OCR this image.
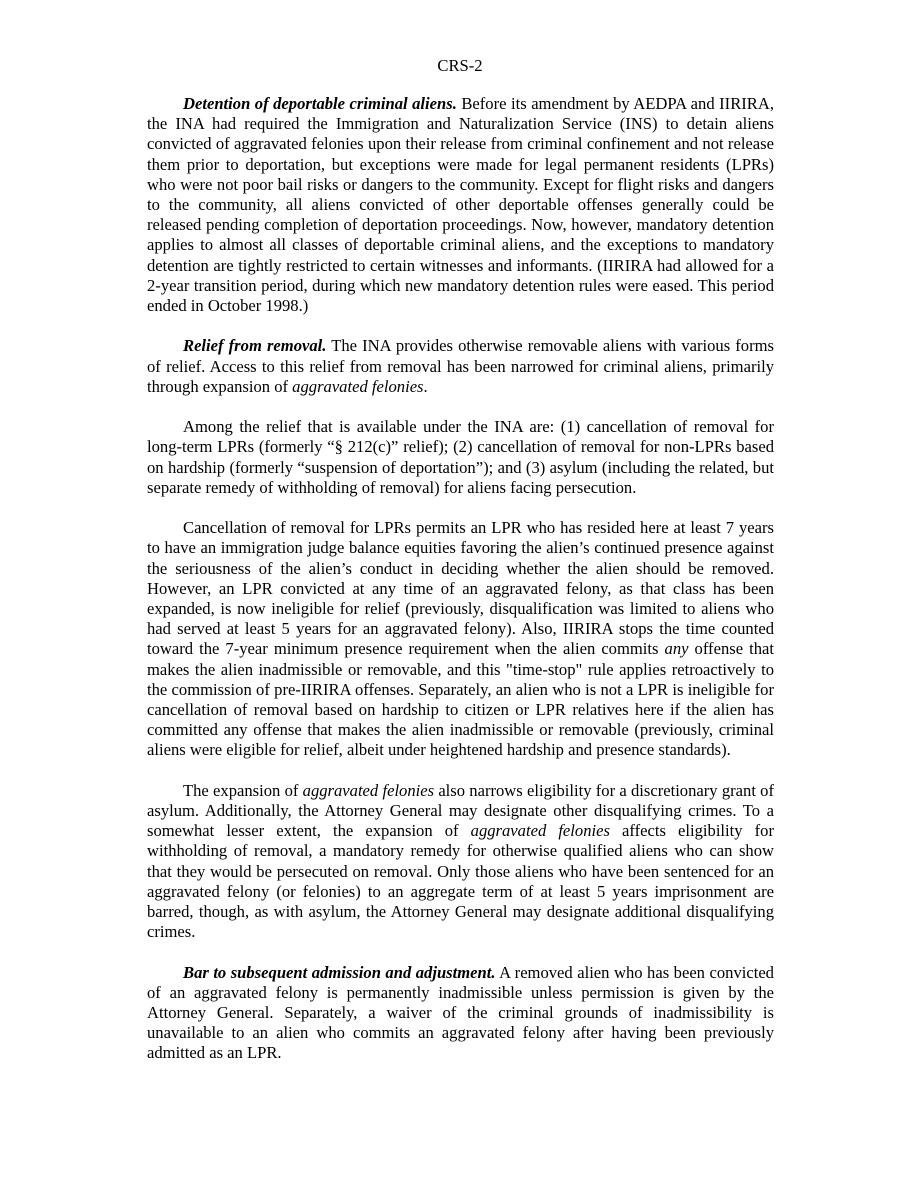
CRS-2

Detention of deportable criminal aliens. Before its amendment by AEDPA and IIRIRA, the INA had required the Immigration and Naturalization Service (INS) to detain aliens convicted of aggravated felonies upon their release from criminal confinement and not release them prior to deportation, but exceptions were made for legal permanent residents (LPRs) who were not poor bail risks or dangers to the community. Except for flight risks and dangers to the community, all aliens convicted of other deportable offenses generally could be released pending completion of deportation proceedings. Now, however, mandatory detention applies to almost all classes of deportable criminal aliens, and the exceptions to mandatory detention are tightly restricted to certain witnesses and informants. (IIRIRA had allowed for a 2-year transition period, during which new mandatory detention rules were eased. This period ended in October 1998.)

Relief from removal. The INA provides otherwise removable aliens with various forms of relief. Access to this relief from removal has been narrowed for criminal aliens, primarily through expansion of aggravated felonies.

Among the relief that is available under the INA are: (1) cancellation of removal for long-term LPRs (formerly “§ 212(c)” relief); (2) cancellation of removal for non-LPRs based on hardship (formerly “suspension of deportation”); and (3) asylum (including the related, but separate remedy of withholding of removal) for aliens facing persecution.

Cancellation of removal for LPRs permits an LPR who has resided here at least 7 years to have an immigration judge balance equities favoring the alien’s continued presence against the seriousness of the alien’s conduct in deciding whether the alien should be removed. However, an LPR convicted at any time of an aggravated felony, as that class has been expanded, is now ineligible for relief (previously, disqualification was limited to aliens who had served at least 5 years for an aggravated felony). Also, IIRIRA stops the time counted toward the 7-year minimum presence requirement when the alien commits any offense that makes the alien inadmissible or removable, and this "time-stop" rule applies retroactively to the commission of pre-IIRIRA offenses. Separately, an alien who is not a LPR is ineligible for cancellation of removal based on hardship to citizen or LPR relatives here if the alien has committed any offense that makes the alien inadmissible or removable (previously, criminal aliens were eligible for relief, albeit under heightened hardship and presence standards).

The expansion of aggravated felonies also narrows eligibility for a discretionary grant of asylum. Additionally, the Attorney General may designate other disqualifying crimes. To a somewhat lesser extent, the expansion of aggravated felonies affects eligibility for withholding of removal, a mandatory remedy for otherwise qualified aliens who can show that they would be persecuted on removal. Only those aliens who have been sentenced for an aggravated felony (or felonies) to an aggregate term of at least 5 years imprisonment are barred, though, as with asylum, the Attorney General may designate additional disqualifying crimes.

Bar to subsequent admission and adjustment. A removed alien who has been convicted of an aggravated felony is permanently inadmissible unless permission is given by the Attorney General. Separately, a waiver of the criminal grounds of inadmissibility is unavailable to an alien who commits an aggravated felony after having been previously admitted as an LPR.
